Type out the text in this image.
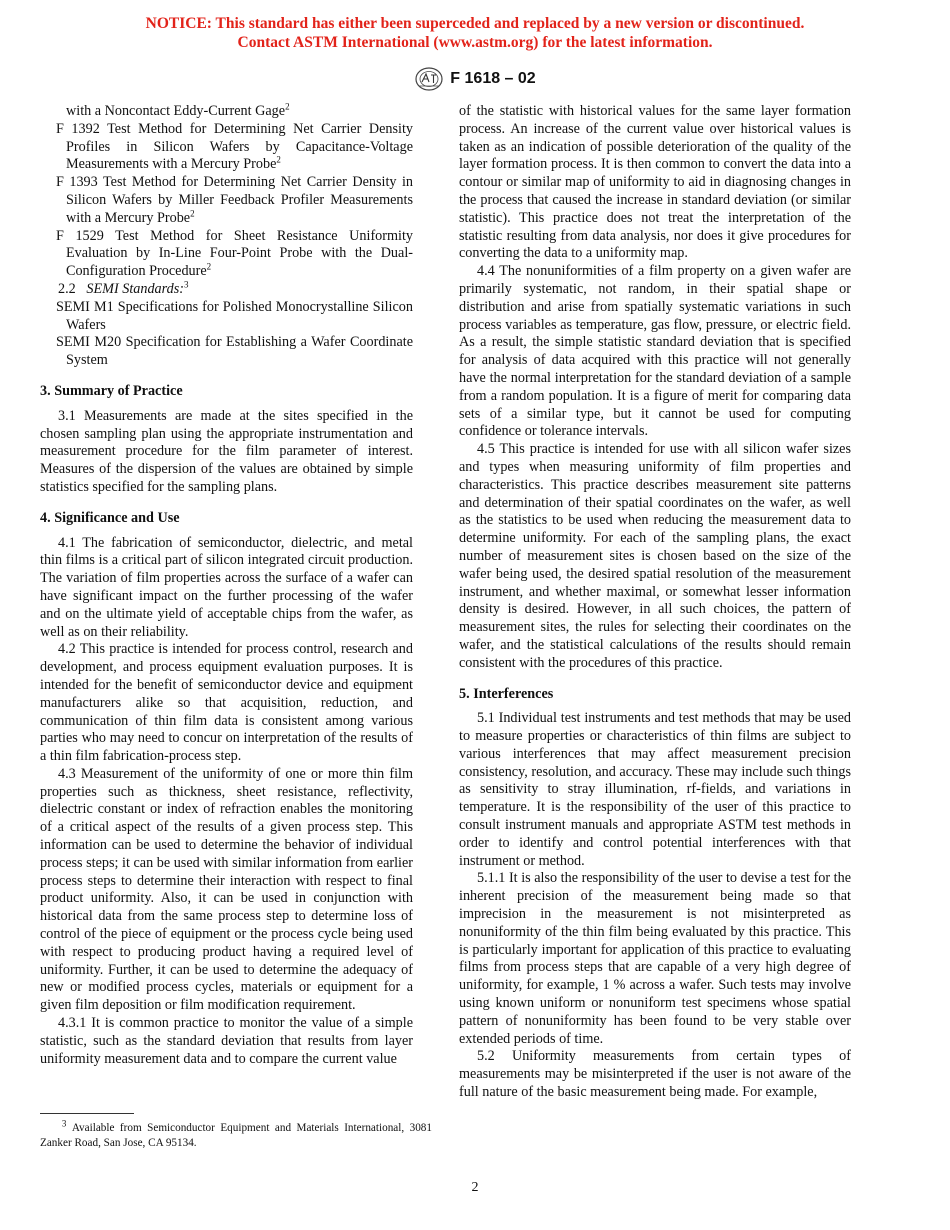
NOTICE: This standard has either been superceded and replaced by a new version or discontinued.
Contact ASTM International (www.astm.org) for the latest information.
F 1618 – 02

with a Noncontact Eddy-Current Gage$^2$

F 1392 Test Method for Determining Net Carrier Density Profiles in Silicon Wafers by Capacitance-Voltage Measurements with a Mercury Probe$^2$

F 1393 Test Method for Determining Net Carrier Density in Silicon Wafers by Miller Feedback Profiler Measurements with a Mercury Probe$^2$

F 1529 Test Method for Sheet Resistance Uniformity Evaluation by In-Line Four-Point Probe with the Dual-Configuration Procedure$^2$

2.2 SEMI Standards:$^3$

SEMI M1 Specifications for Polished Monocrystalline Silicon Wafers

SEMI M20 Specification for Establishing a Wafer Coordinate System

3. Summary of Practice

3.1 Measurements are made at the sites specified in the chosen sampling plan using the appropriate instrumentation and measurement procedure for the film parameter of interest. Measures of the dispersion of the values are obtained by simple statistics specified for the sampling plans.

4. Significance and Use

4.1 The fabrication of semiconductor, dielectric, and metal thin films is a critical part of silicon integrated circuit production. The variation of film properties across the surface of a wafer can have significant impact on the further processing of the wafer and on the ultimate yield of acceptable chips from the wafer, as well as on their reliability.

4.2 This practice is intended for process control, research and development, and process equipment evaluation purposes. It is intended for the benefit of semiconductor device and equipment manufacturers alike so that acquisition, reduction, and communication of thin film data is consistent among various parties who may need to concur on interpretation of the results of a thin film fabrication-process step.

4.3 Measurement of the uniformity of one or more thin film properties such as thickness, sheet resistance, reflectivity, dielectric constant or index of refraction enables the monitoring of a critical aspect of the results of a given process step. This information can be used to determine the behavior of individual process steps; it can be used with similar information from earlier process steps to determine their interaction with respect to final product uniformity. Also, it can be used in conjunction with historical data from the same process step to determine loss of control of the piece of equipment or the process cycle being used with respect to producing product having a required level of uniformity. Further, it can be used to determine the adequacy of new or modified process cycles, materials or equipment for a given film deposition or film modification requirement.

4.3.1 It is common practice to monitor the value of a simple statistic, such as the standard deviation that results from layer uniformity measurement data and to compare the current value

of the statistic with historical values for the same layer formation process. An increase of the current value over historical values is taken as an indication of possible deterioration of the quality of the layer formation process. It is then common to convert the data into a contour or similar map of uniformity to aid in diagnosing changes in the process that caused the increase in standard deviation (or similar statistic). This practice does not treat the interpretation of the statistic resulting from data analysis, nor does it give procedures for converting the data to a uniformity map.

4.4 The nonuniformities of a film property on a given wafer are primarily systematic, not random, in their spatial shape or distribution and arise from spatially systematic variations in such process variables as temperature, gas flow, pressure, or electric field. As a result, the simple statistic standard deviation that is specified for analysis of data acquired with this practice will not generally have the normal interpretation for the standard deviation of a sample from a random population. It is a figure of merit for comparing data sets of a similar type, but it cannot be used for computing confidence or tolerance intervals.

4.5 This practice is intended for use with all silicon wafer sizes and types when measuring uniformity of film properties and characteristics. This practice describes measurement site patterns and determination of their spatial coordinates on the wafer, as well as the statistics to be used when reducing the measurement data to determine uniformity. For each of the sampling plans, the exact number of measurement sites is chosen based on the size of the wafer being used, the desired spatial resolution of the measurement instrument, and whether maximal, or somewhat lesser information density is desired. However, in all such choices, the pattern of measurement sites, the rules for selecting their coordinates on the wafer, and the statistical calculations of the results should remain consistent with the procedures of this practice.

5. Interferences

5.1 Individual test instruments and test methods that may be used to measure properties or characteristics of thin films are subject to various interferences that may affect measurement precision consistency, resolution, and accuracy. These may include such things as sensitivity to stray illumination, rf-fields, and variations in temperature. It is the responsibility of the user of this practice to consult instrument manuals and appropriate ASTM test methods in order to identify and control potential interferences with that instrument or method.

5.1.1 It is also the responsibility of the user to devise a test for the inherent precision of the measurement being made so that imprecision in the measurement is not misinterpreted as nonuniformity of the thin film being evaluated by this practice. This is particularly important for application of this practice to evaluating films from process steps that are capable of a very high degree of uniformity, for example, 1 % across a wafer. Such tests may involve using known uniform or nonuniform test specimens whose spatial pattern of nonuniformity has been found to be very stable over extended periods of time.

5.2 Uniformity measurements from certain types of measurements may be misinterpreted if the user is not aware of the full nature of the basic measurement being made. For example,

$^3$ Available from Semiconductor Equipment and Materials International, 3081 Zanker Road, San Jose, CA 95134.
2
